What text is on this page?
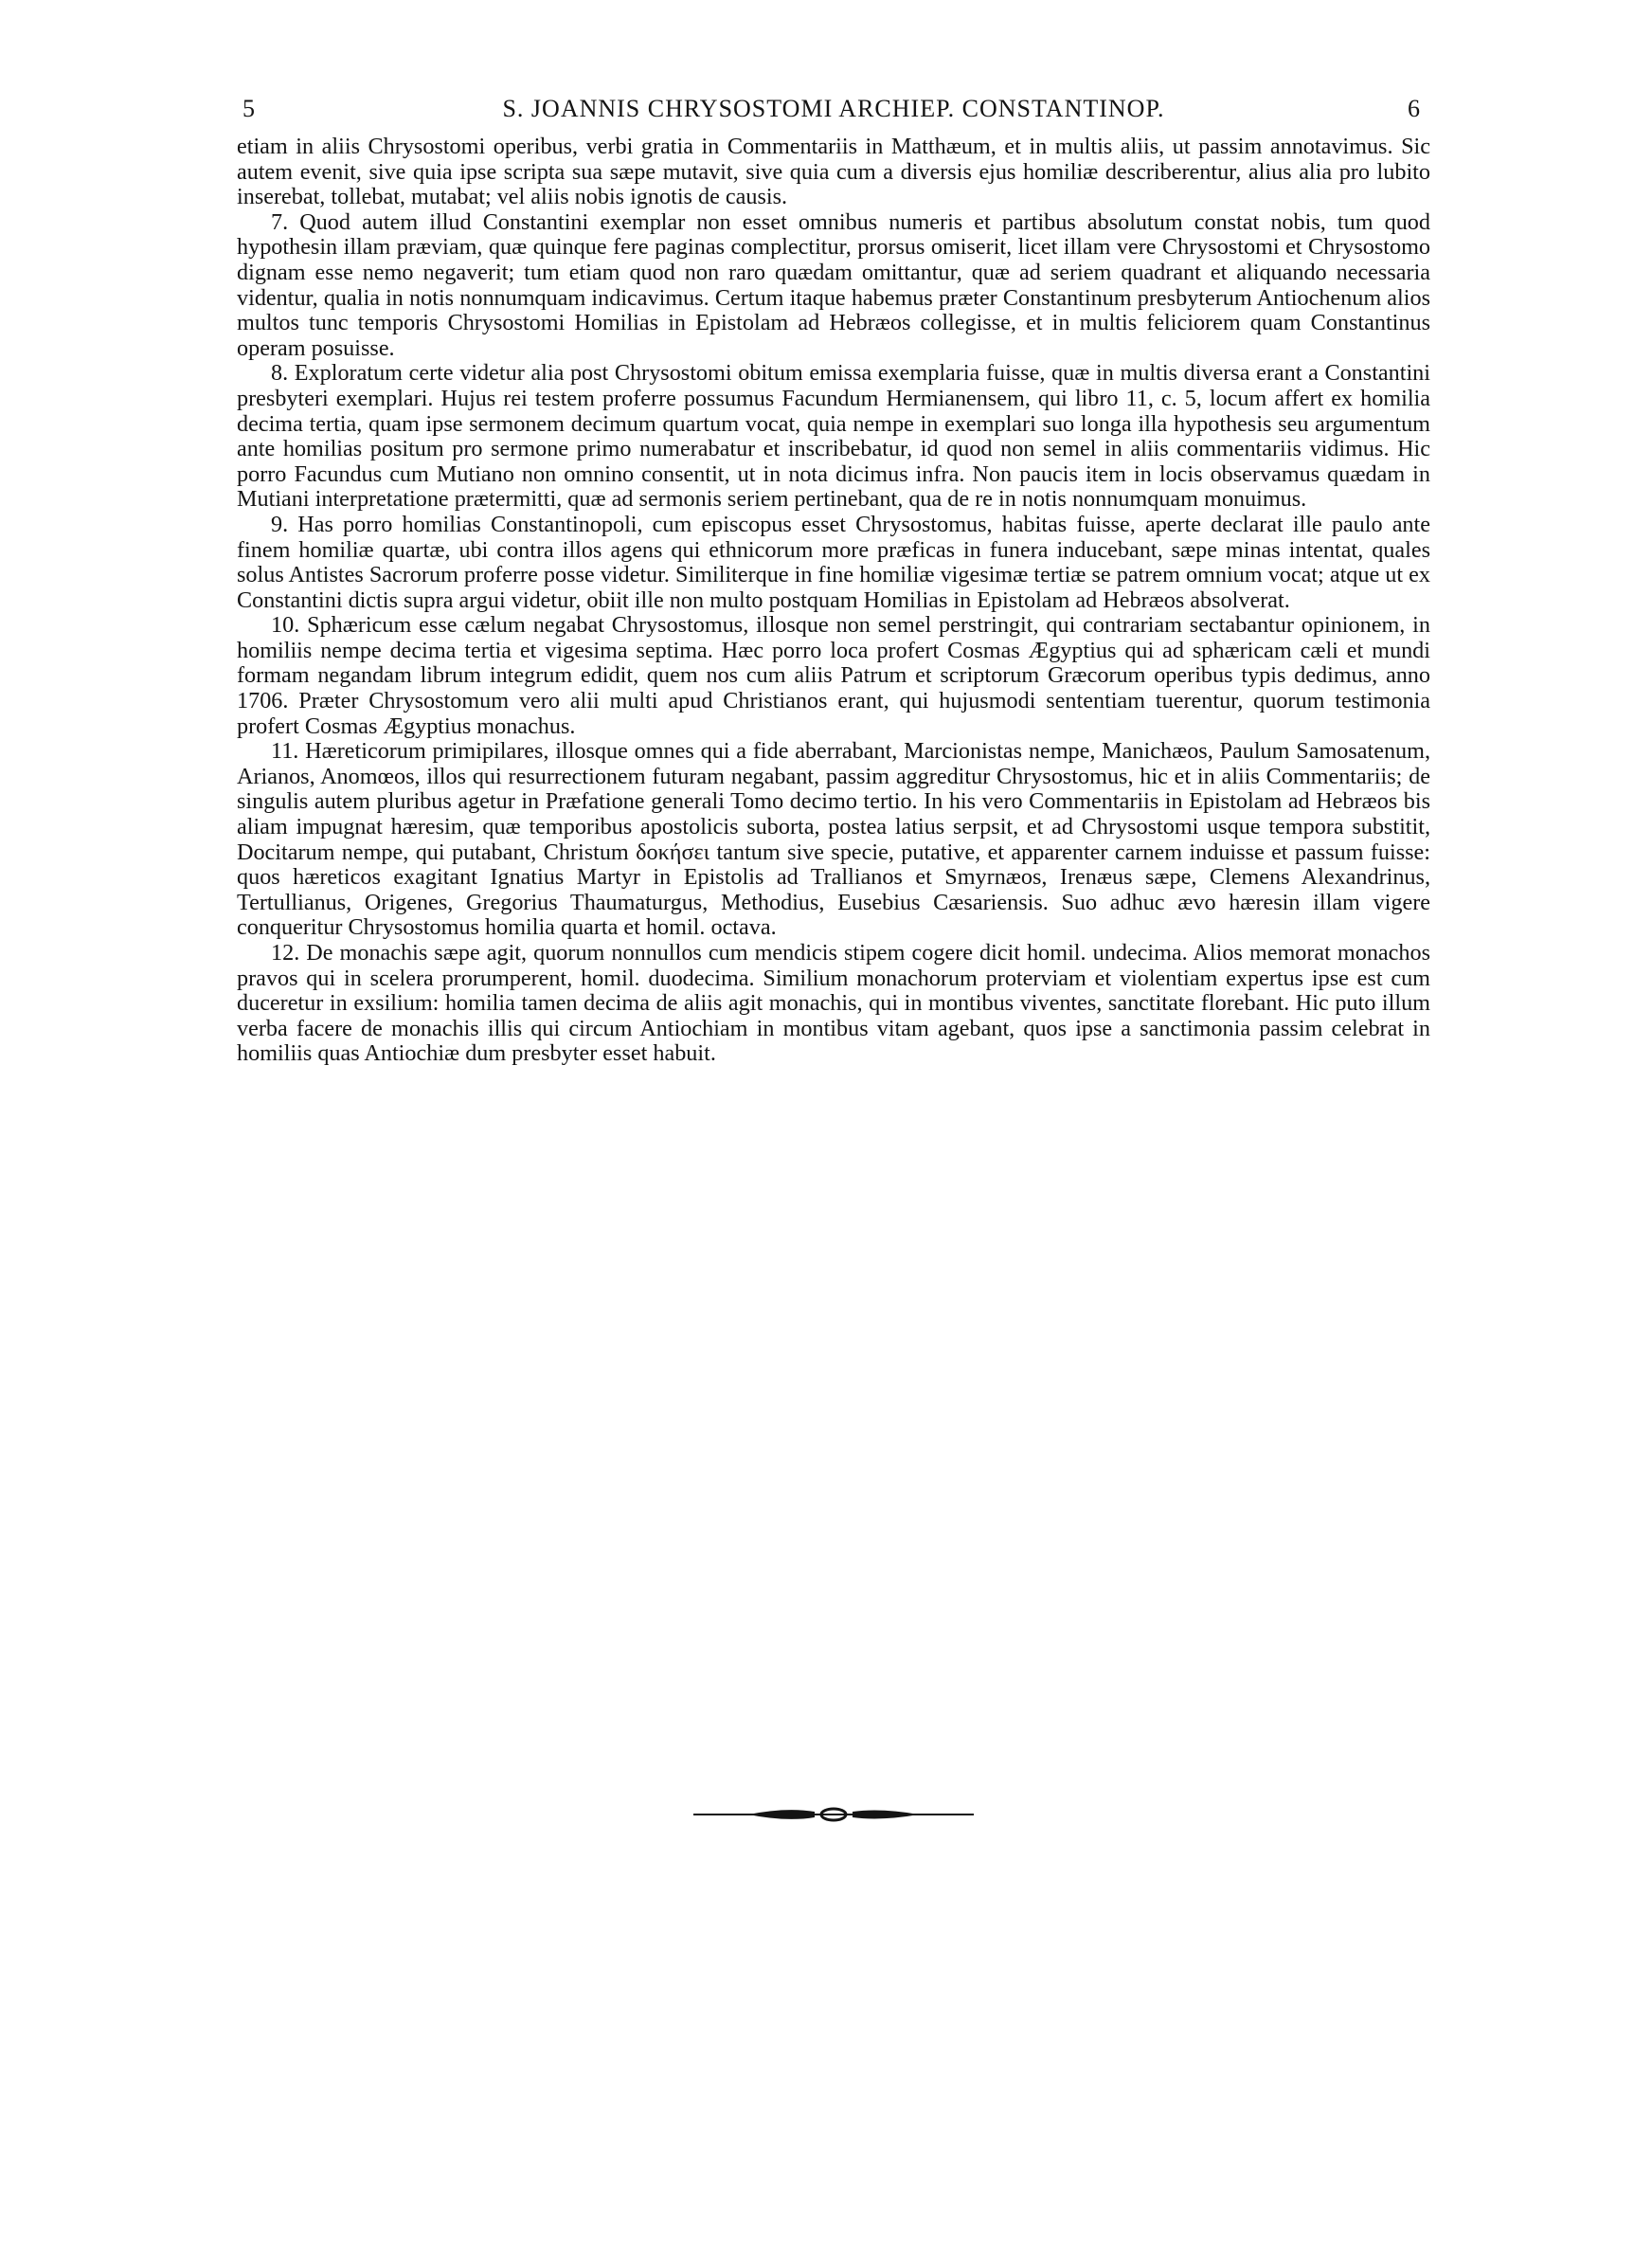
5	S. JOANNIS CHRYSOSTOMI ARCHIEP. CONSTANTINOP.	6

etiam in aliis Chrysostomi operibus, verbi gratia in Commentariis in Matthæum, et in multis aliis, ut passim annotavimus. Sic autem evenit, sive quia ipse scripta sua sæpe mutavit, sive quia cum a diversis ejus homiliæ describerentur, alius alia pro lubito inserebat, tollebat, mutabat; vel aliis nobis ignotis de causis.

7. Quod autem illud Constantini exemplar non esset omnibus numeris et partibus absolutum constat nobis, tum quod hypothesin illam præviam, quæ quinque fere paginas complectitur, prorsus omiserit, licet illam vere Chrysostomi et Chrysostomo dignam esse nemo negaverit; tum etiam quod non raro quædam omittantur, quæ ad seriem quadrant et aliquando necessaria videntur, qualia in notis nonnumquam indicavimus. Certum itaque habemus præter Constantinum presbyterum Antiochenum alios multos tunc temporis Chrysostomi Homilias in Epistolam ad Hebræos collegisse, et in multis feliciorem quam Constantinus operam posuisse.

8. Exploratum certe videtur alia post Chrysostomi obitum emissa exemplaria fuisse, quæ in multis diversa erant a Constantini presbyteri exemplari. Hujus rei testem proferre possumus Facundum Hermianensem, qui libro 11, c. 5, locum affert ex homilia decima tertia, quam ipse sermonem decimum quartum vocat, quia nempe in exemplari suo longa illa hypothesis seu argumentum ante homilias positum pro sermone primo numerabatur et inscribebatur, id quod non semel in aliis commentariis vidimus. Hic porro Facundus cum Mutiano non omnino consentit, ut in nota dicimus infra. Non paucis item in locis observamus quædam in Mutiani interpretatione prætermitti, quæ ad sermonis seriem pertinebant, qua de re in notis nonnumquam monuimus.

9. Has porro homilias Constantinopoli, cum episcopus esset Chrysostomus, habitas fuisse, aperte declarat ille paulo ante finem homiliæ quartæ, ubi contra illos agens qui ethnicorum more præficas in funera inducebant, sæpe minas intentat, quales solus Antistes Sacrorum proferre posse videtur. Similiterque in fine homiliæ vigesimæ tertiæ se patrem omnium vocat; atque ut ex Constantini dictis supra argui videtur, obiit ille non multo postquam Homilias in Epistolam ad Hebræos absolverat.

10. Sphæricum esse cælum negabat Chrysostomus, illosque non semel perstringit, qui contrariam sectabantur opinionem, in homiliis nempe decima tertia et vigesima septima. Hæc porro loca profert Cosmas Ægyptius qui ad sphæricam cæli et mundi formam negandam librum integrum edidit, quem nos cum aliis Patrum et scriptorum Græcorum operibus typis dedimus, anno 1706. Præter Chrysostomum vero alii multi apud Christianos erant, qui hujusmodi sententiam tuerentur, quorum testimonia profert Cosmas Ægyptius monachus.

11. Hæreticorum primipilares, illosque omnes qui a fide aberrabant, Marcionistas nempe, Manichæos, Paulum Samosatenum, Arianos, Anomœos, illos qui resurrectionem futuram negabant, passim aggreditur Chrysostomus, hic et in aliis Commentariis; de singulis autem pluribus agetur in Præfatione generali Tomo decimo tertio. In his vero Commentariis in Epistolam ad Hebræos bis aliam impugnat hæresim, quæ temporibus apostolicis suborta, postea latius serpsit, et ad Chrysostomi usque tempora substitit, Docitarum nempe, qui putabant, Christum δοκήσει tantum sive specie, putative, et apparenter carnem induisse et passum fuisse: quos hæreticos exagitant Ignatius Martyr in Epistolis ad Trallianos et Smyrnæos, Irenæus sæpe, Clemens Alexandrinus, Tertullianus, Origenes, Gregorius Thaumaturgus, Methodius, Eusebius Cæsariensis. Suo adhuc ævo hæresin illam vigere conqueritur Chrysostomus homilia quarta et homil. octava.

12. De monachis sæpe agit, quorum nonnullos cum mendicis stipem cogere dicit homil. undecima. Alios memorat monachos pravos qui in scelera prorumperent, homil. duodecima. Similium monachorum proterviam et violentiam expertus ipse est cum duceretur in exsilium: homilia tamen decima de aliis agit monachis, qui in montibus viventes, sanctitate florebant. Hic puto illum verba facere de monachis illis qui circum Antiochiam in montibus vitam agebant, quos ipse a sanctimonia passim celebrat in homiliis quas Antiochiæ dum presbyter esset habuit.
